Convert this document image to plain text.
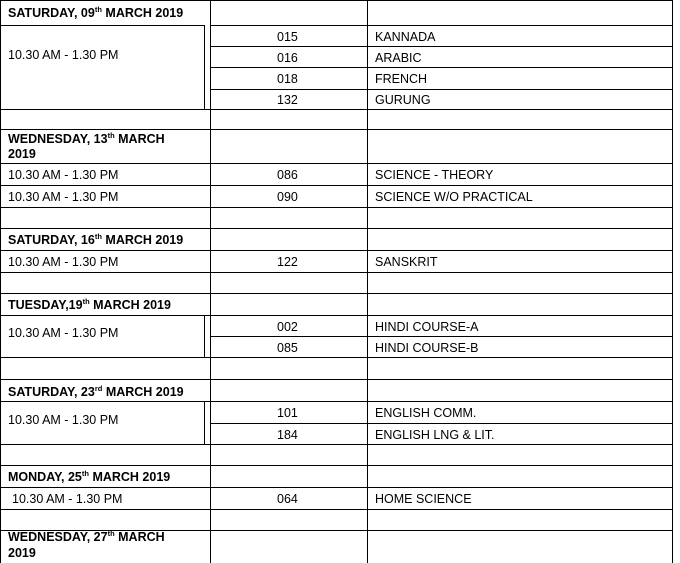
SATURDAY, 09th MARCH 2019
10.30 AM - 1.30 PM
015	KANNADA
016	ARABIC
018	FRENCH
132	GURUNG
WEDNESDAY, 13th MARCH
2019
10.30 AM - 1.30 PM	086	SCIENCE - THEORY
10.30 AM - 1.30 PM	090	SCIENCE W/O PRACTICAL
SATURDAY, 16th MARCH 2019
10.30 AM - 1.30 PM	122	SANSKRIT
TUESDAY,19th MARCH 2019
10.30 AM - 1.30 PM	002	HINDI COURSE-A
085	HINDI COURSE-B
SATURDAY, 23rd MARCH 2019
10.30 AM - 1.30 PM	101	ENGLISH COMM.
184	ENGLISH LNG & LIT.
MONDAY, 25th MARCH 2019
10.30 AM - 1.30 PM	064	HOME SCIENCE
WEDNESDAY, 27th MARCH
2019
